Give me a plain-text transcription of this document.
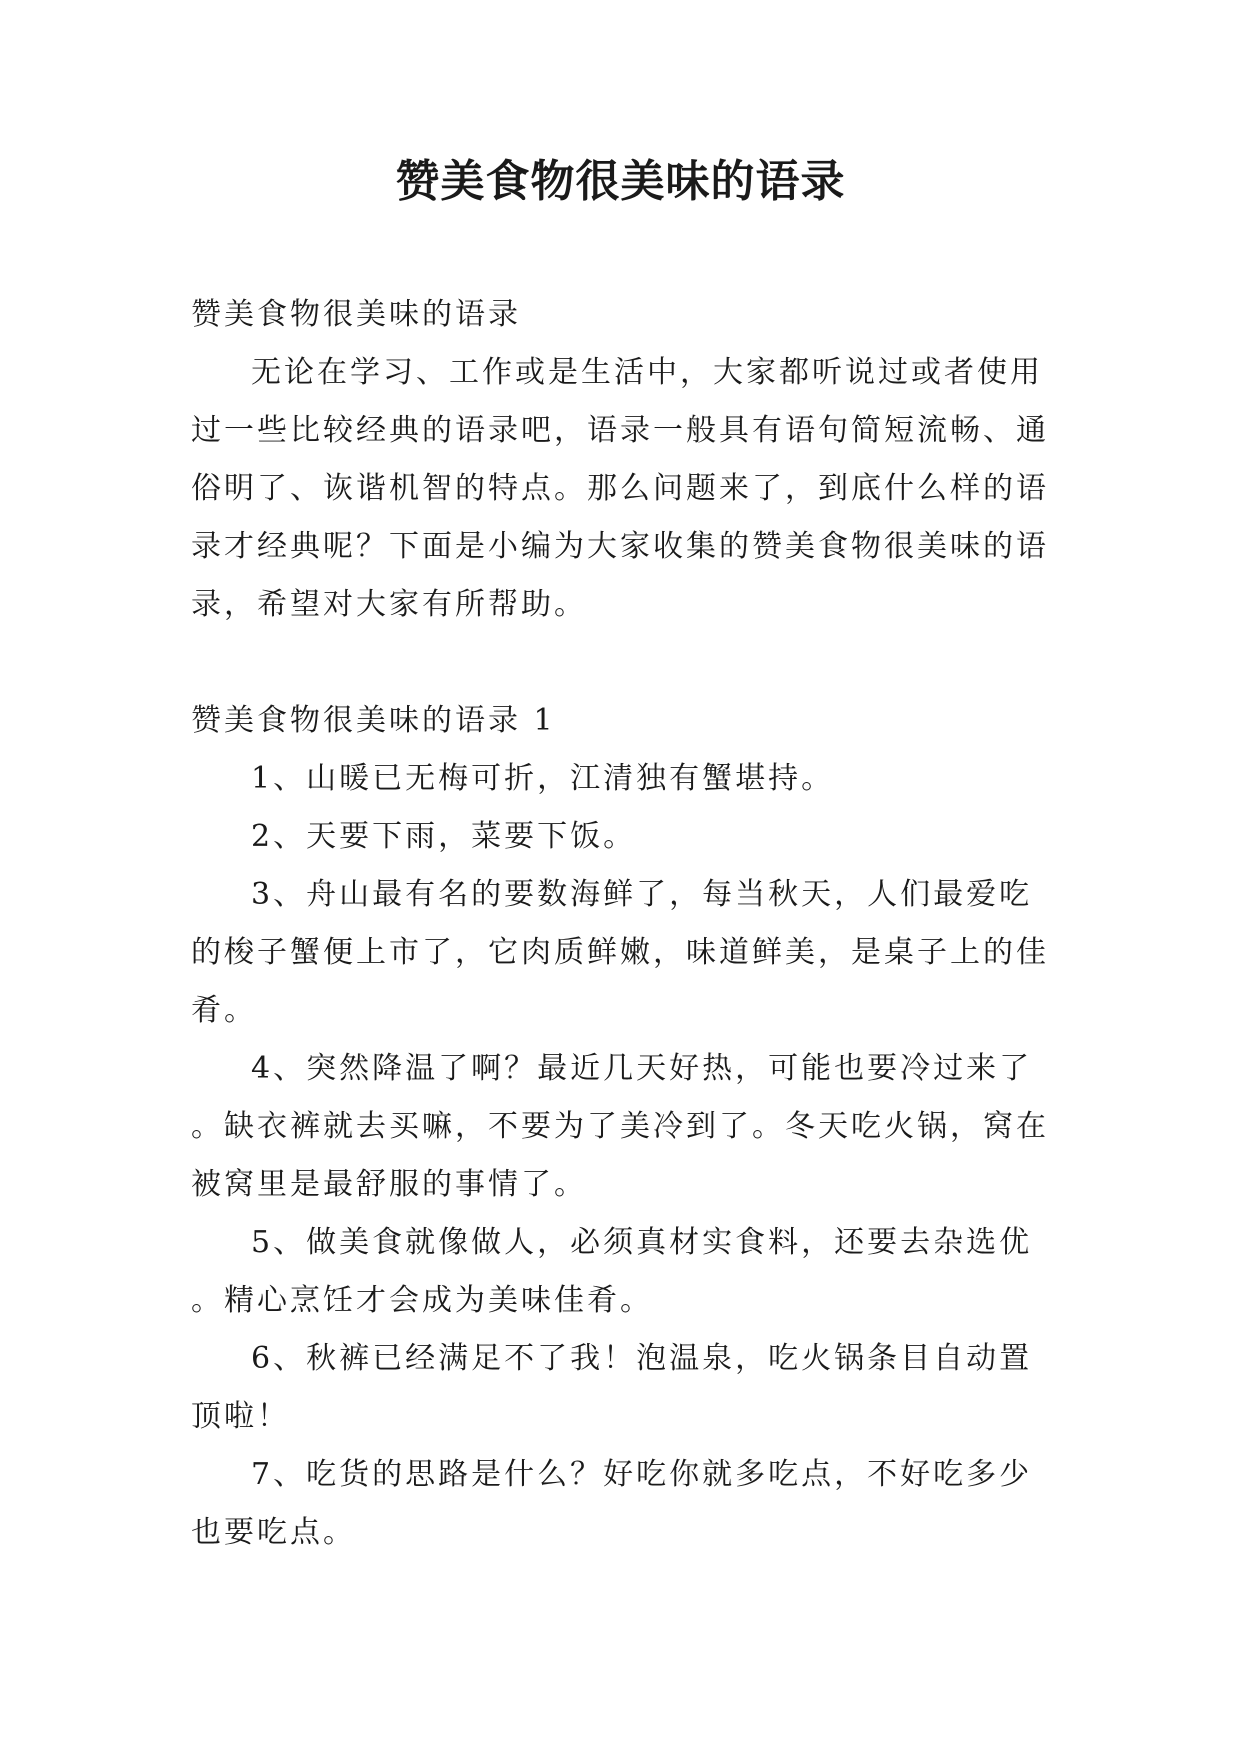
赞美食物很美味的语录

赞美食物很美味的语录

无论在学习、工作或是生活中，大家都听说过或者使用过一些比较经典的语录吧，语录一般具有语句简短流畅、通俗明了、诙谐机智的特点。那么问题来了，到底什么样的语录才经典呢？下面是小编为大家收集的赞美食物很美味的语录，希望对大家有所帮助。

赞美食物很美味的语录 1

1、山暖已无梅可折，江清独有蟹堪持。

2、天要下雨，菜要下饭。

3、舟山最有名的要数海鲜了，每当秋天，人们最爱吃的梭子蟹便上市了，它肉质鲜嫩，味道鲜美，是桌子上的佳肴。

4、突然降温了啊？最近几天好热，可能也要冷过来了。缺衣裤就去买嘛，不要为了美冷到了。冬天吃火锅，窝在被窝里是最舒服的事情了。

5、做美食就像做人，必须真材实食料，还要去杂选优。精心烹饪才会成为美味佳肴。

6、秋裤已经满足不了我！泡温泉，吃火锅条目自动置顶啦！

7、吃货的思路是什么？好吃你就多吃点，不好吃多少也要吃点。
